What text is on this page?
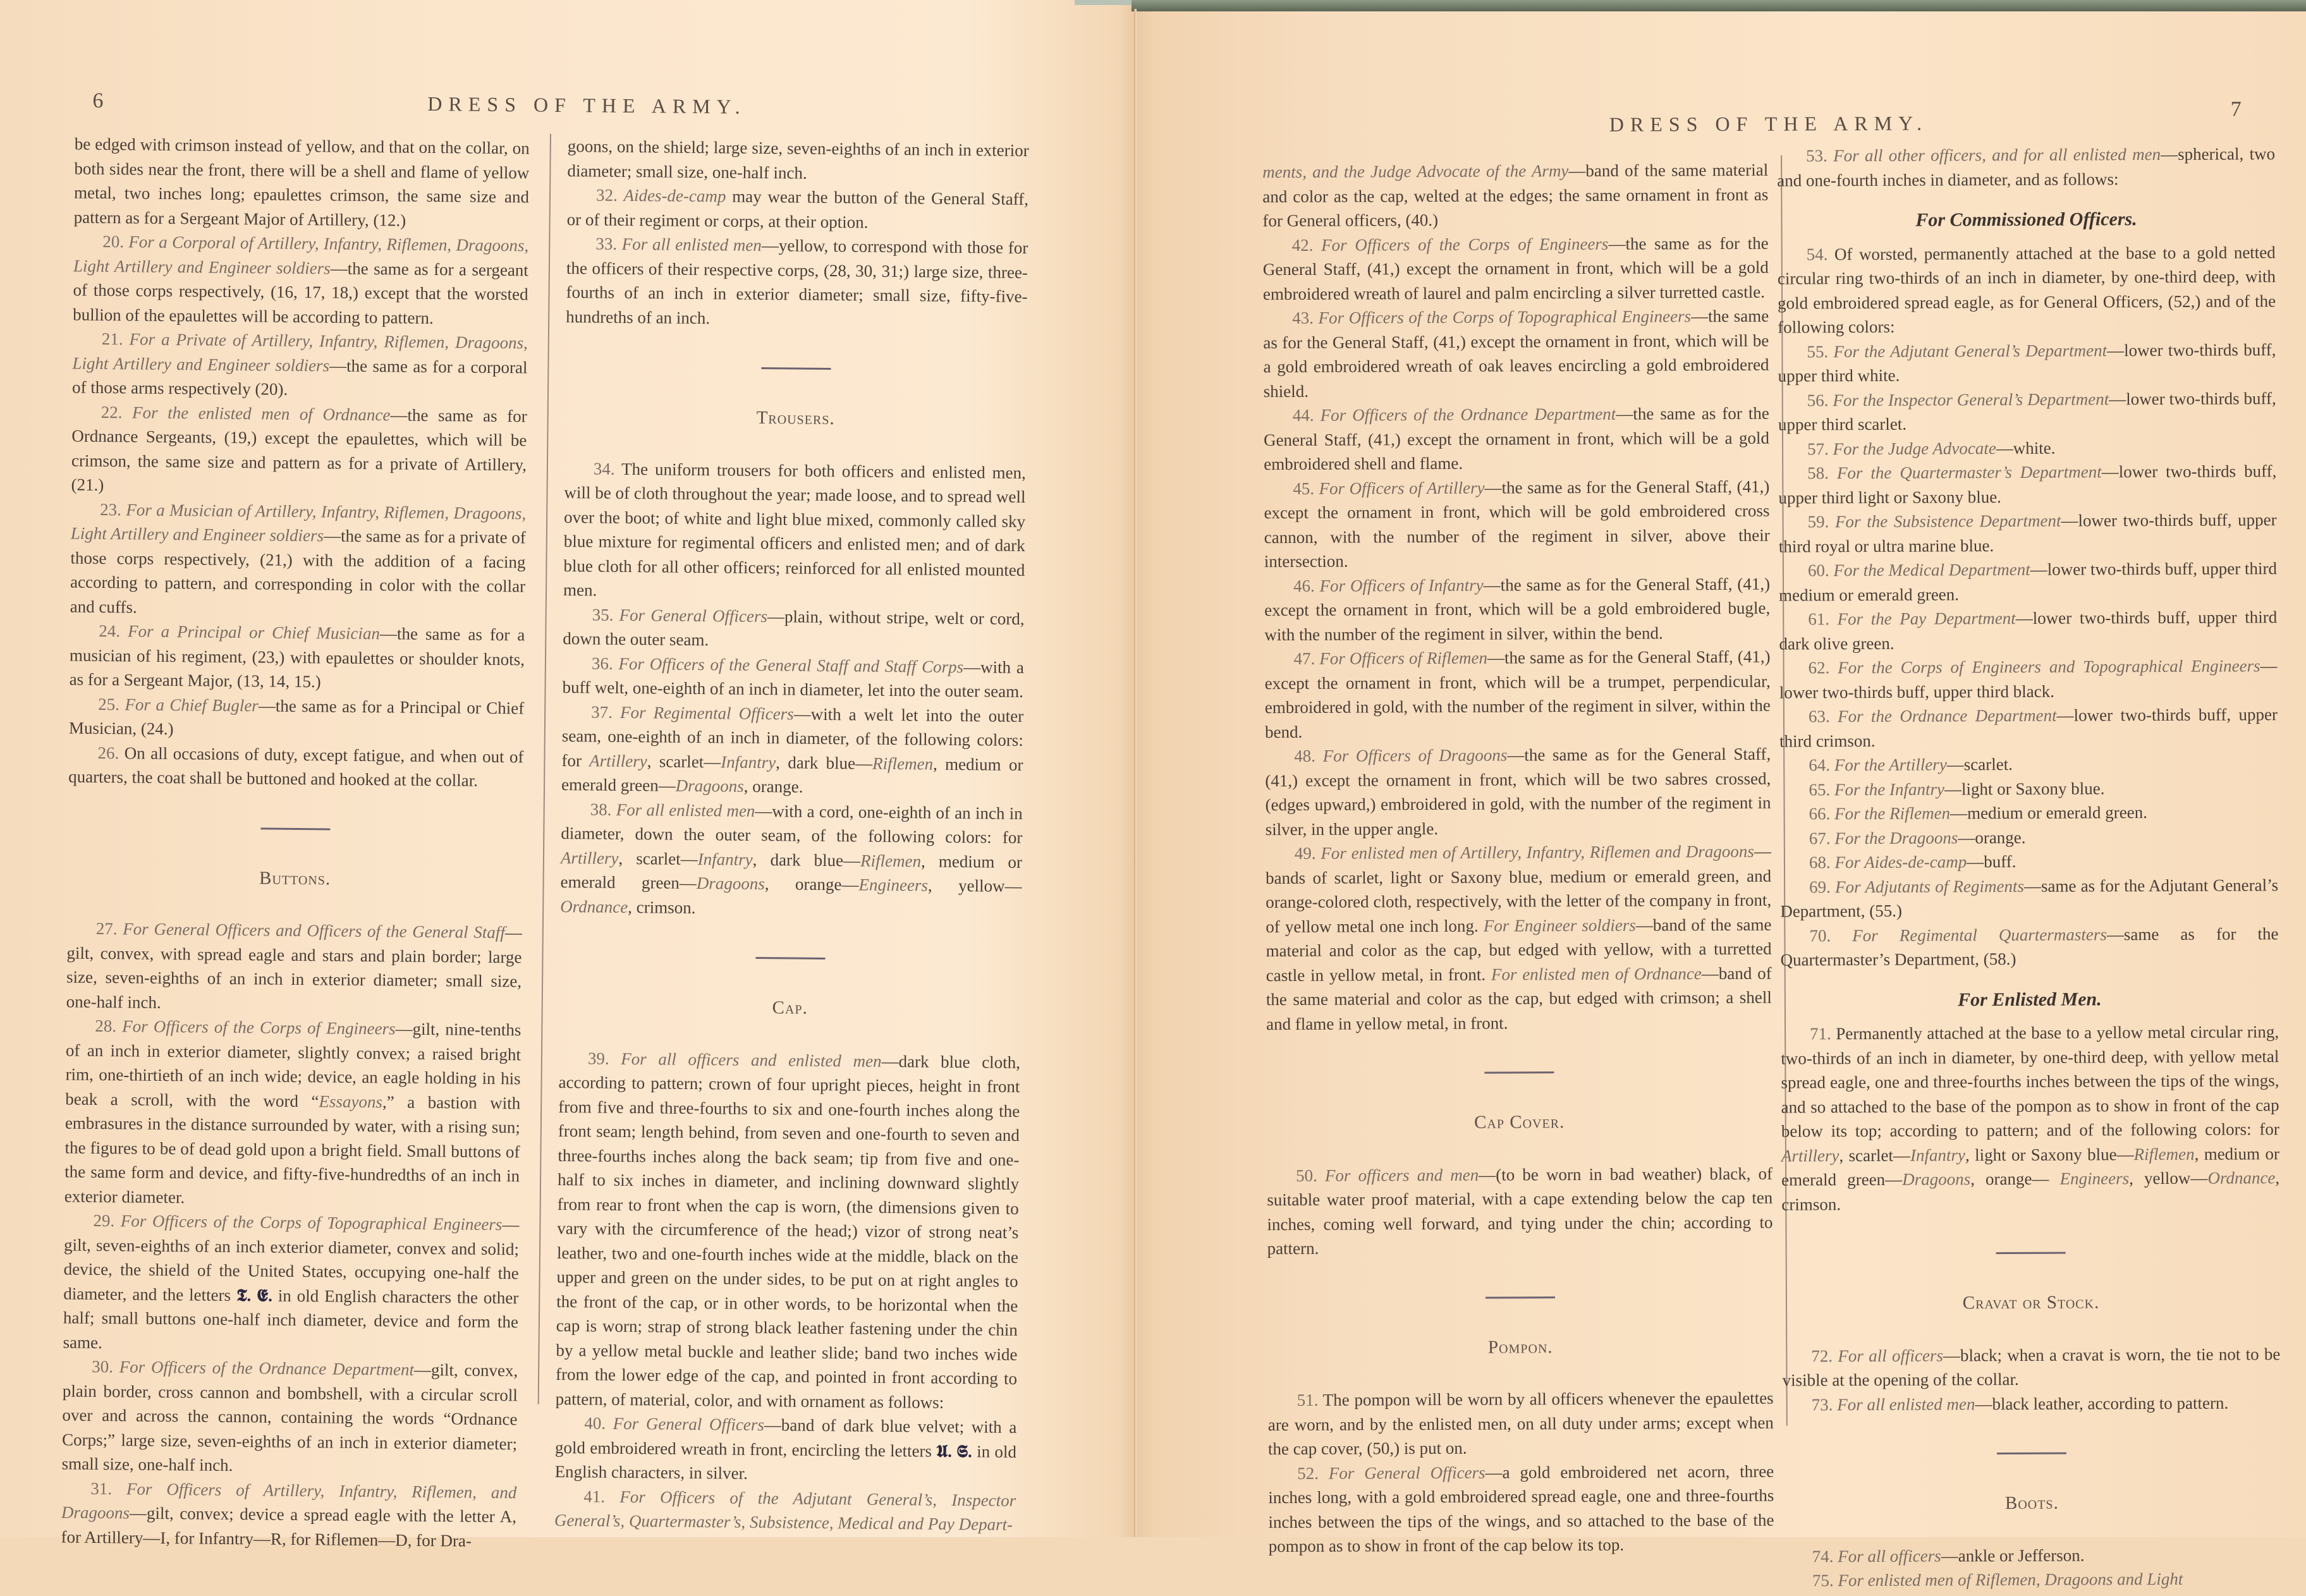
6	DRESS OF THE ARMY.

be edged with crimson instead of yellow, and that on the collar, on both sides near the front, there will be a shell and flame of yellow metal, two inches long; epaulettes crimson, the same size and pattern as for a Sergeant Major of Artillery, (12.)

20. For a Corporal of Artillery, Infantry, Riflemen, Dragoons, Light Artillery and Engineer soldiers—the same as for a sergeant of those corps respectively, (16, 17, 18,) except that the worsted bullion of the epaulettes will be according to pattern.

21. For a Private of Artillery, Infantry, Riflemen, Dragoons, Light Artillery and Engineer soldiers—the same as for a corporal of those arms respectively (20).

22. For the enlisted men of Ordnance—the same as for Ordnance Sergeants, (19,) except the epaulettes, which will be crimson, the same size and pattern as for a private of Artillery, (21.)

23. For a Musician of Artillery, Infantry, Riflemen, Dragoons, Light Artillery and Engineer soldiers—the same as for a private of those corps respectively, (21,) with the addition of a facing according to pattern, and corresponding in color with the collar and cuffs.

24. For a Principal or Chief Musician—the same as for a musician of his regiment, (23,) with epaulettes or shoulder knots, as for a Sergeant Major, (13, 14, 15.)

25. For a Chief Bugler—the same as for a Principal or Chief Musician, (24.)

26. On all occasions of duty, except fatigue, and when out of quarters, the coat shall be buttoned and hooked at the collar.

Buttons.

27. For General Officers and Officers of the General Staff—gilt, convex, with spread eagle and stars and plain border; large size, seven-eighths of an inch in exterior diameter; small size, one-half inch.

28. For Officers of the Corps of Engineers—gilt, nine-tenths of an inch in exterior diameter, slightly convex; a raised bright rim, one-thirtieth of an inch wide; device, an eagle holding in his beak a scroll, with the word “Essayons,” a bastion with embrasures in the distance surrounded by water, with a rising sun; the figures to be of dead gold upon a bright field. Small buttons of the same form and device, and fifty-five-hundredths of an inch in exterior diameter.

29. For Officers of the Corps of Topographical Engineers—gilt, seven-eighths of an inch exterior diameter, convex and solid; device, the shield of the United States, occupying one-half the diameter, and the letters 𝕿. 𝕰. in old English characters the other half; small buttons one-half inch diameter, device and form the same.

30. For Officers of the Ordnance Department—gilt, convex, plain border, cross cannon and bombshell, with a circular scroll over and across the cannon, containing the words “Ordnance Corps;” large size, seven-eighths of an inch in exterior diameter; small size, one-half inch.

31. For Officers of Artillery, Infantry, Riflemen, and Dragoons—gilt, convex; device a spread eagle with the letter A, for Artillery—I, for Infantry—R, for Riflemen—D, for Dra-

goons, on the shield; large size, seven-eighths of an inch in exterior diameter; small size, one-half inch.

32. Aides-de-camp may wear the button of the General Staff, or of their regiment or corps, at their option.

33. For all enlisted men—yellow, to correspond with those for the officers of their respective corps, (28, 30, 31;) large size, three-fourths of an inch in exterior diameter; small size, fifty-five-hundreths of an inch.

Trousers.

34. The uniform trousers for both officers and enlisted men, will be of cloth throughout the year; made loose, and to spread well over the boot; of white and light blue mixed, commonly called sky blue mixture for regimental officers and enlisted men; and of dark blue cloth for all other officers; reinforced for all enlisted mounted men.

35. For General Officers—plain, without stripe, welt or cord, down the outer seam.

36. For Officers of the General Staff and Staff Corps—with a buff welt, one-eighth of an inch in diameter, let into the outer seam.

37. For Regimental Officers—with a welt let into the outer seam, one-eighth of an inch in diameter, of the following colors: for Artillery, scarlet—Infantry, dark blue—Riflemen, medium or emerald green—Dragoons, orange.

38. For all enlisted men—with a cord, one-eighth of an inch in diameter, down the outer seam, of the following colors: for Artillery, scarlet—Infantry, dark blue—Riflemen, medium or emerald green—Dragoons, orange—Engineers, yellow—Ordnance, crimson.

Cap.

39. For all officers and enlisted men—dark blue cloth, according to pattern; crown of four upright pieces, height in front from five and three-fourths to six and one-fourth inches along the front seam; length behind, from seven and one-fourth to seven and three-fourths inches along the back seam; tip from five and one-half to six inches in diameter, and inclining downward slightly from rear to front when the cap is worn, (the dimensions given to vary with the circumference of the head;) vizor of strong neat’s leather, two and one-fourth inches wide at the middle, black on the upper and green on the under sides, to be put on at right angles to the front of the cap, or in other words, to be horizontal when the cap is worn; strap of strong black leather fastening under the chin by a yellow metal buckle and leather slide; band two inches wide from the lower edge of the cap, and pointed in front according to pattern, of material, color, and with ornament as follows:

40. For General Officers—band of dark blue velvet; with a gold embroidered wreath in front, encircling the letters 𝖀. 𝕾. in old English characters, in silver.

41. For Officers of the Adjutant General’s, Inspector General’s, Quartermaster’s, Subsistence, Medical and Pay Depart-

DRESS OF THE ARMY.
7

ments, and the Judge Advocate of the Army—band of the same material and color as the cap, welted at the edges; the same ornament in front as for General officers, (40.)

42. For Officers of the Corps of Engineers—the same as for the General Staff, (41,) except the ornament in front, which will be a gold embroidered wreath of laurel and palm encircling a silver turretted castle.

43. For Officers of the Corps of Topographical Engineers—the same as for the General Staff, (41,) except the ornament in front, which will be a gold embroidered wreath of oak leaves encircling a gold embroidered shield.

44. For Officers of the Ordnance Department—the same as for the General Staff, (41,) except the ornament in front, which will be a gold embroidered shell and flame.

45. For Officers of Artillery—the same as for the General Staff, (41,) except the ornament in front, which will be gold embroidered cross cannon, with the number of the regiment in silver, above their intersection.

46. For Officers of Infantry—the same as for the General Staff, (41,) except the ornament in front, which will be a gold embroidered bugle, with the number of the regiment in silver, within the bend.

47. For Officers of Riflemen—the same as for the General Staff, (41,) except the ornament in front, which will be a trumpet, perpendicular, embroidered in gold, with the number of the regiment in silver, within the bend.

48. For Officers of Dragoons—the same as for the General Staff, (41,) except the ornament in front, which will be two sabres crossed, (edges upward,) embroidered in gold, with the number of the regiment in silver, in the upper angle.

49. For enlisted men of Artillery, Infantry, Riflemen and Dragoons—bands of scarlet, light or Saxony blue, medium or emerald green, and orange-colored cloth, respectively, with the letter of the company in front, of yellow metal one inch long. For Engineer soldiers—band of the same material and color as the cap, but edged with yellow, with a turretted castle in yellow metal, in front. For enlisted men of Ordnance—band of the same material and color as the cap, but edged with crimson; a shell and flame in yellow metal, in front.

Cap Cover.

50. For officers and men—(to be worn in bad weather) black, of suitable water proof material, with a cape extending below the cap ten inches, coming well forward, and tying under the chin; according to pattern.

Pompon.

51. The pompon will be worn by all officers whenever the epaulettes are worn, and by the enlisted men, on all duty under arms; except when the cap cover, (50,) is put on.

52. For General Officers—a gold embroidered net acorn, three inches long, with a gold embroidered spread eagle, one and three-fourths inches between the tips of the wings, and so attached to the base of the pompon as to show in front of the cap below its top.

53. For all other officers, and for all enlisted men—spherical, two and one-fourth inches in diameter, and as follows:

For Commissioned Officers.

54. Of worsted, permanently attached at the base to a gold netted circular ring two-thirds of an inch in diameter, by one-third deep, with gold embroidered spread eagle, as for General Officers, (52,) and of the following colors:

55. For the Adjutant General’s Department—lower two-thirds buff, upper third white.

56. For the Inspector General’s Department—lower two-thirds buff, upper third scarlet.

57. For the Judge Advocate—white.

58. For the Quartermaster’s Department—lower two-thirds buff, upper third light or Saxony blue.

59. For the Subsistence Department—lower two-thirds buff, upper third royal or ultra marine blue.

60. For the Medical Department—lower two-thirds buff, upper third medium or emerald green.

61. For the Pay Department—lower two-thirds buff, upper third dark olive green.

62. For the Corps of Engineers and Topographical Engineers—lower two-thirds buff, upper third black.

63. For the Ordnance Department—lower two-thirds buff, upper third crimson.

64. For the Artillery—scarlet.

65. For the Infantry—light or Saxony blue.

66. For the Riflemen—medium or emerald green.

67. For the Dragoons—orange.

68. For Aides-de-camp—buff.

69. For Adjutants of Regiments—same as for the Adjutant General’s Department, (55.)

70. For Regimental Quartermasters—same as for the Quartermaster’s Department, (58.)

For Enlisted Men.

71. Permanently attached at the base to a yellow metal circular ring, two-thirds of an inch in diameter, by one-third deep, with yellow metal spread eagle, one and three-fourths inches between the tips of the wings, and so attached to the base of the pompon as to show in front of the cap below its top; according to pattern; and of the following colors: for Artillery, scarlet—Infantry, light or Saxony blue—Riflemen, medium or emerald green—Dragoons, orange— Engineers, yellow—Ordnance, crimson.

Cravat or Stock.

72. For all officers—black; when a cravat is worn, the tie not to be visible at the opening of the collar.

73. For all enlisted men—black leather, according to pattern.

Boots.

74. For all officers—ankle or Jefferson.

75. For enlisted men of Riflemen, Dragoons and Light
